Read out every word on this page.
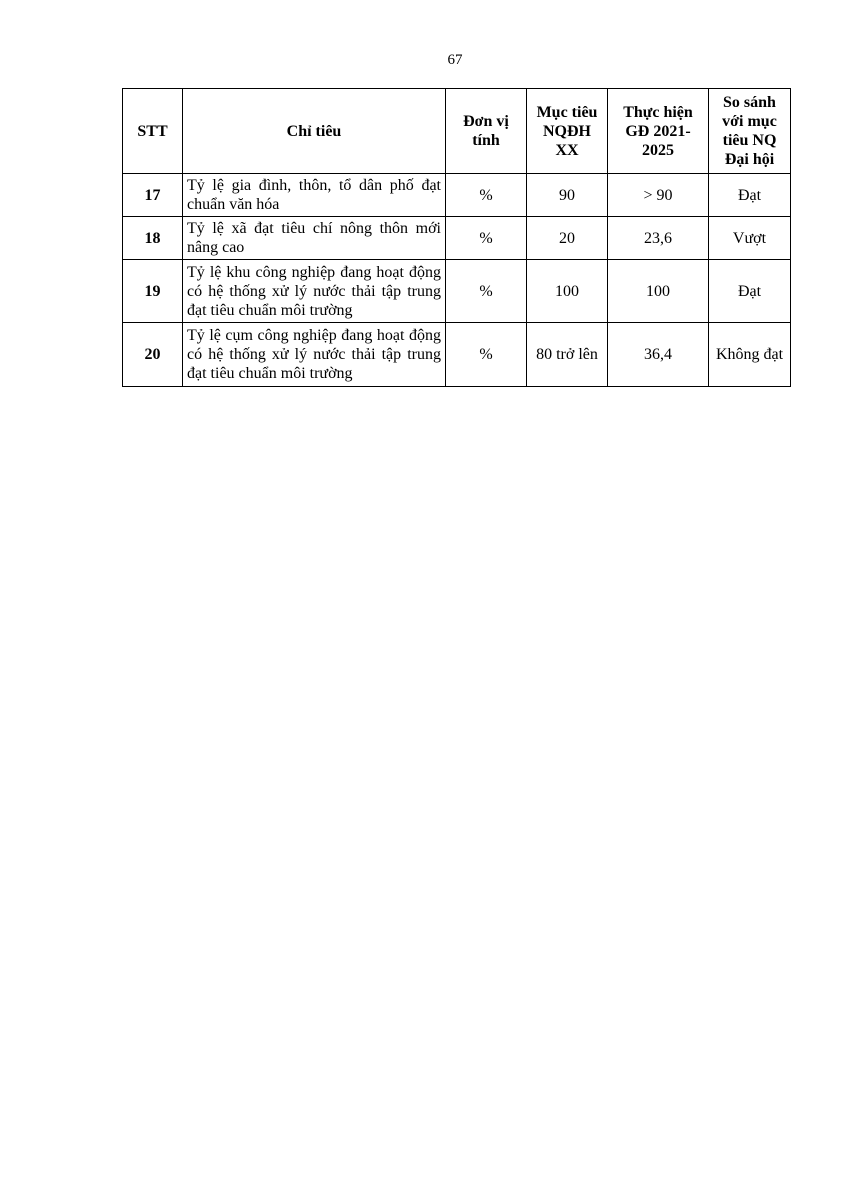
67
STT	Chỉ tiêu	Đơn vị tính	Mục tiêu NQĐH XX	Thực hiện GĐ 2021-2025	So sánh với mục tiêu NQ Đại hội
17	Tỷ lệ gia đình, thôn, tổ dân phố đạt chuẩn văn hóa	%	90	> 90	Đạt
18	Tỷ lệ xã đạt tiêu chí nông thôn mới nâng cao	%	20	23,6	Vượt
19	Tỷ lệ khu công nghiệp đang hoạt động có hệ thống xử lý nước thải tập trung đạt tiêu chuẩn môi trường	%	100	100	Đạt
20	Tỷ lệ cụm công nghiệp đang hoạt động có hệ thống xử lý nước thải tập trung đạt tiêu chuẩn môi trường	%	80 trở lên	36,4	Không đạt
